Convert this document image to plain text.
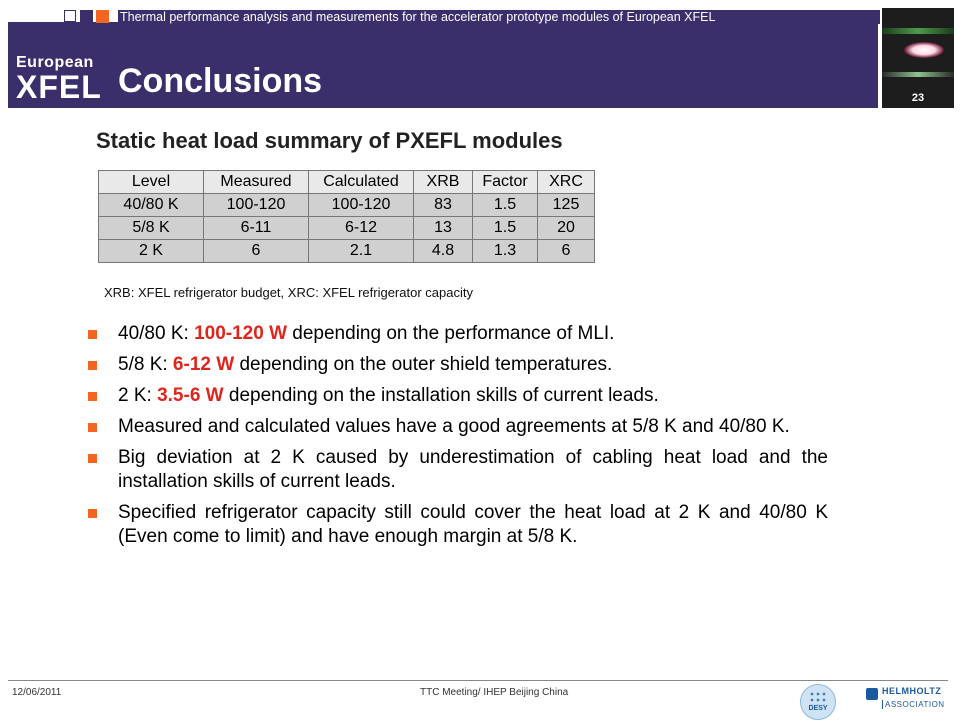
European
XFEL
Thermal performance analysis and measurements for the accelerator prototype modules of European XFEL
Conclusions	23
Static heat load summary of PXEFL modules
Level	Measured	Calculated	XRB	Factor	XRC
40/80 K	100-120	100-120	83	1.5	125
5/8 K	6-11	6-12	13	1.5	20
2 K	6	2.1	4.8	1.3	6
XRB: XFEL refrigerator budget, XRC: XFEL refrigerator capacity
40/80 K: 100-120 W depending on the performance of MLI.
5/8 K: 6-12 W depending on the outer shield temperatures.
2 K: 3.5-6 W depending on the installation skills of current leads.
Measured and calculated values have a good agreements at 5/8 K and 40/80 K.
Big deviation at 2 K caused by underestimation of cabling heat load and the installation skills of current leads.
Specified refrigerator capacity still could cover the heat load at 2 K and 40/80 K (Even come to limit) and have enough margin at 5/8 K.
12/06/2011	TTC Meeting/ IHEP Beijing China
DESY
HELMHOLTZ
ASSOCIATION
